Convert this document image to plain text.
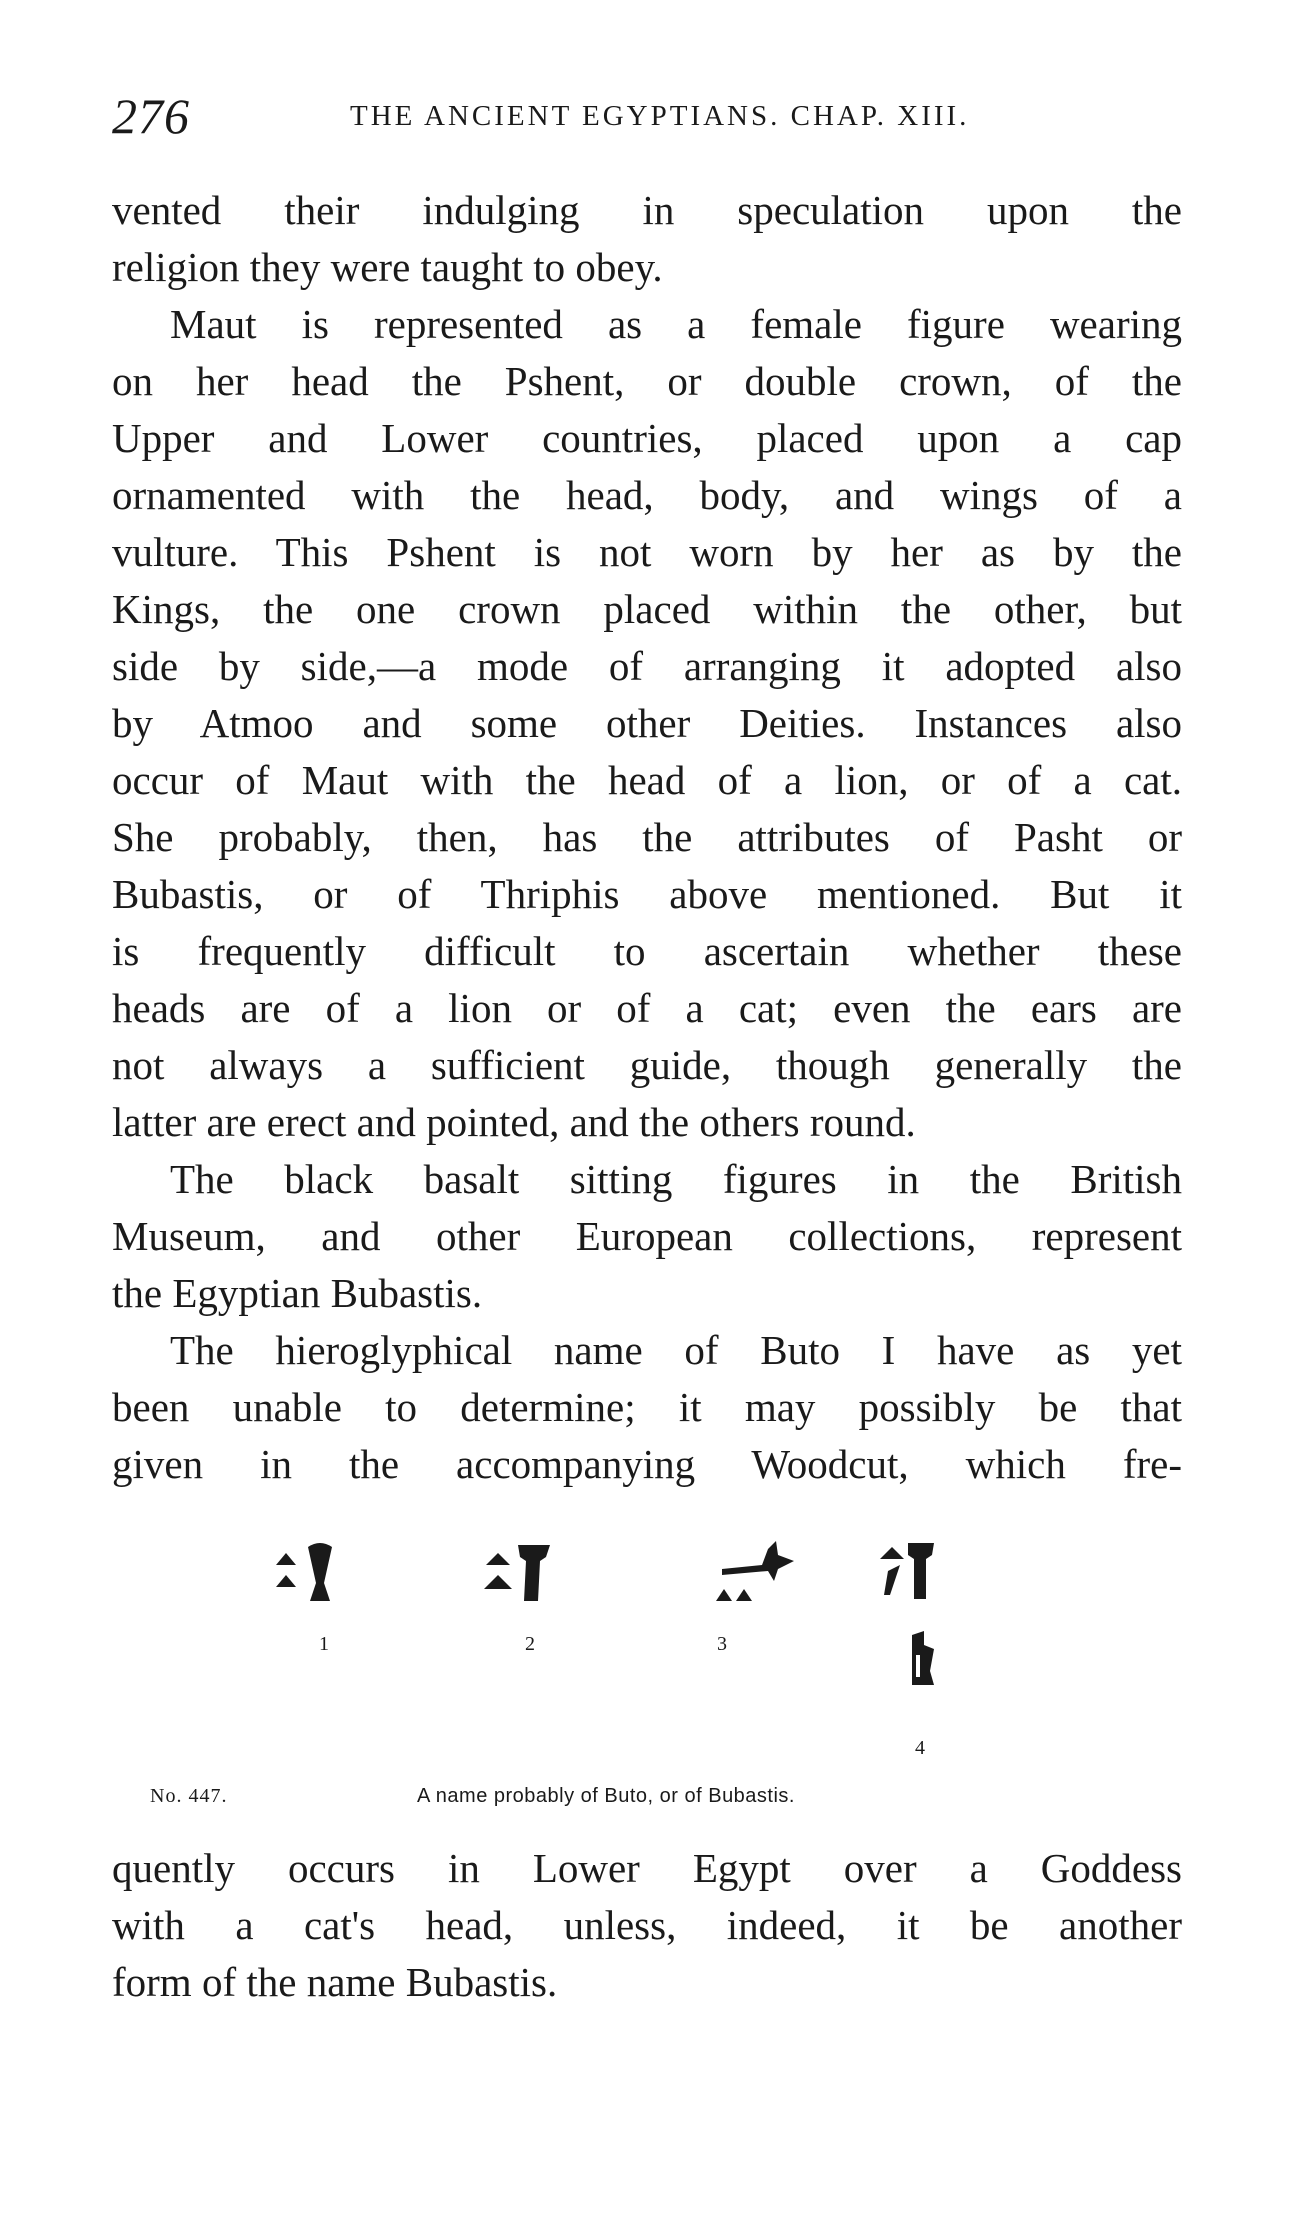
276	THE ANCIENT EGYPTIANS. CHAP. XIII.
vented their indulging in speculation upon the
religion they were taught to obey.
Maut is represented as a female figure wearing
on her head the Pshent, or double crown, of the
Upper and Lower countries, placed upon a cap
ornamented with the head, body, and wings of a
vulture. This Pshent is not worn by her as by the
Kings, the one crown placed within the other, but
side by side,—a mode of arranging it adopted also
by Atmoo and some other Deities. Instances also
occur of Maut with the head of a lion, or of a cat.
She probably, then, has the attributes of Pasht or
Bubastis, or of Thriphis above mentioned. But it
is frequently difficult to ascertain whether these
heads are of a lion or of a cat; even the ears are
not always a sufficient guide, though generally the
latter are erect and pointed, and the others round.
The black basalt sitting figures in the British
Museum, and other European collections, represent
the Egyptian Bubastis.
The hieroglyphical name of Buto I have as yet
been unable to determine; it may possibly be that
given in the accompanying Woodcut, which fre-
1	2	3
4
No. 447.	A name probably of Buto, or of Bubastis.
quently occurs in Lower Egypt over a Goddess
with a cat's head, unless, indeed, it be another
form of the name Bubastis.
